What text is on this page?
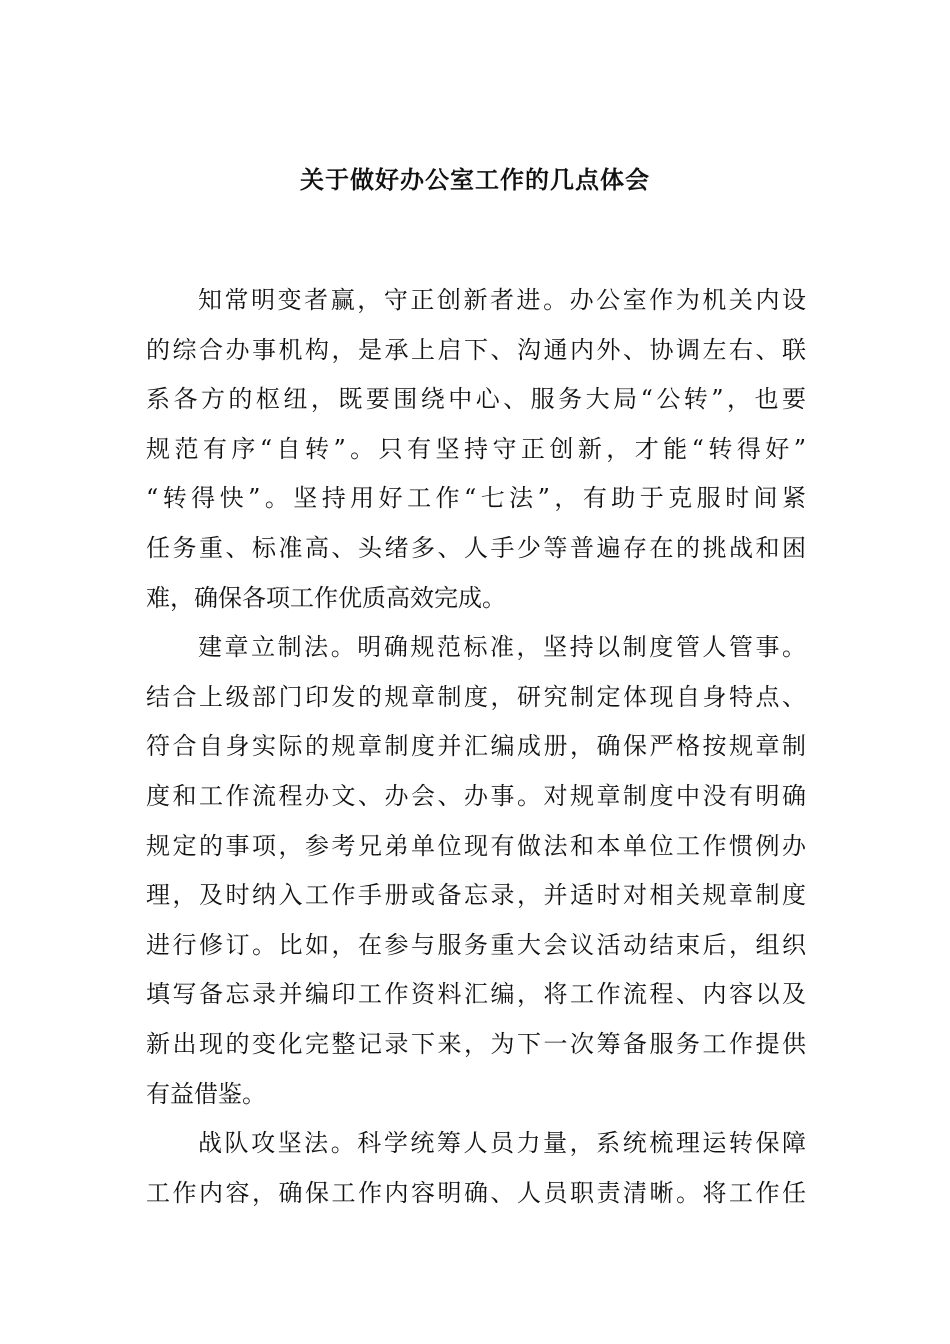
关于做好办公室工作的几点体会
知常明变者赢，守正创新者进。办公室作为机关内设
的综合办事机构，是承上启下、沟通内外、协调左右、联
系各方的枢纽，既要围绕中心、服务大局“公转”，也要
规范有序“自转”。只有坚持守正创新，才能“转得好”
“转得快”。坚持用好工作“七法”，有助于克服时间紧
任务重、标准高、头绪多、人手少等普遍存在的挑战和困
难，确保各项工作优质高效完成。
建章立制法。明确规范标准，坚持以制度管人管事。
结合上级部门印发的规章制度，研究制定体现自身特点、
符合自身实际的规章制度并汇编成册，确保严格按规章制
度和工作流程办文、办会、办事。对规章制度中没有明确
规定的事项，参考兄弟单位现有做法和本单位工作惯例办
理，及时纳入工作手册或备忘录，并适时对相关规章制度
进行修订。比如，在参与服务重大会议活动结束后，组织
填写备忘录并编印工作资料汇编，将工作流程、内容以及
新出现的变化完整记录下来，为下一次筹备服务工作提供
有益借鉴。
战队攻坚法。科学统筹人员力量，系统梳理运转保障
工作内容，确保工作内容明确、人员职责清晰。将工作任
